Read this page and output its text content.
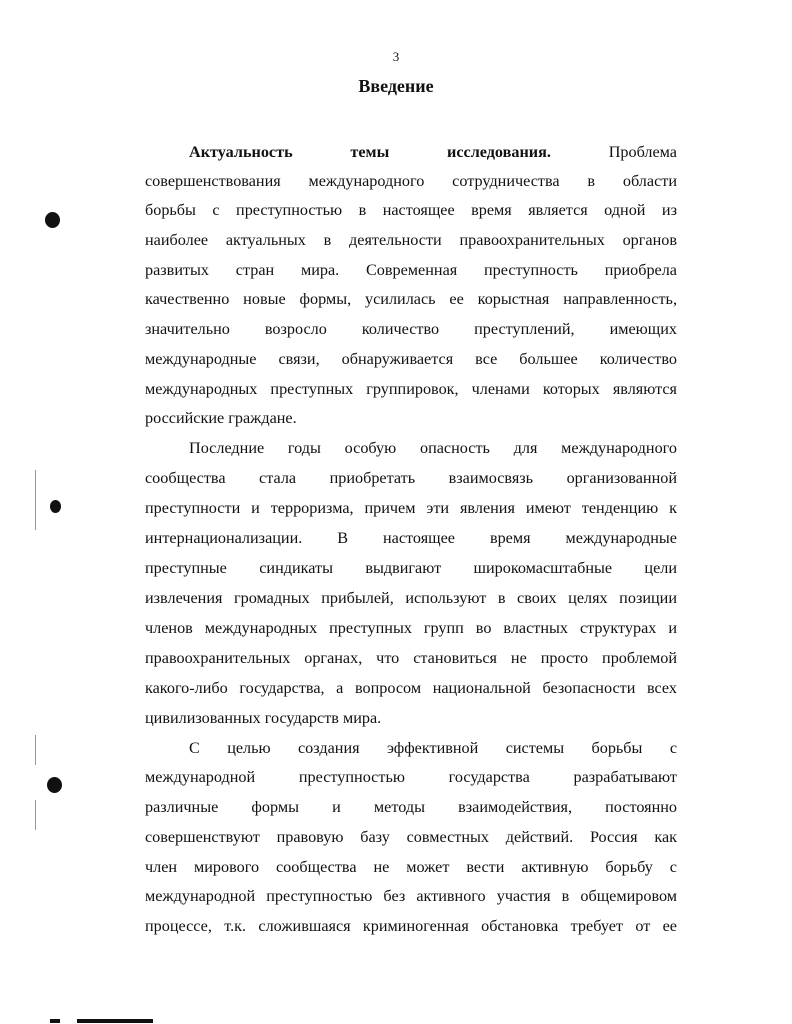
3
Введение
Актуальность темы исследования.	Проблема
совершенствования международного сотрудничества в области
борьбы с преступностью в настоящее время является одной из
наиболее актуальных в деятельности правоохранительных органов
развитых стран мира. Современная преступность приобрела
качественно новые формы, усилилась ее корыстная направленность,
значительно возросло количество преступлений, имеющих
международные связи, обнаруживается все большее количество
международных преступных группировок, членами которых являются
российские граждане.
Последние годы особую опасность для международного
сообщества стала приобретать взаимосвязь организованной
преступности и терроризма, причем эти явления имеют тенденцию к
интернационализации. В настоящее время международные
преступные синдикаты выдвигают широкомасштабные цели
извлечения громадных прибылей, используют в своих целях позиции
членов международных преступных групп во властных структурах и
правоохранительных органах, что становиться не просто проблемой
какого-либо государства, а вопросом национальной безопасности всех
цивилизованных государств мира.
С целью создания эффективной системы борьбы с
международной преступностью государства разрабатывают
различные формы и методы взаимодействия, постоянно
совершенствуют правовую базу совместных действий. Россия как
член мирового сообщества не может вести активную борьбу с
международной преступностью без активного участия в общемировом
процессе, т.к. сложившаяся криминогенная обстановка требует от ее
